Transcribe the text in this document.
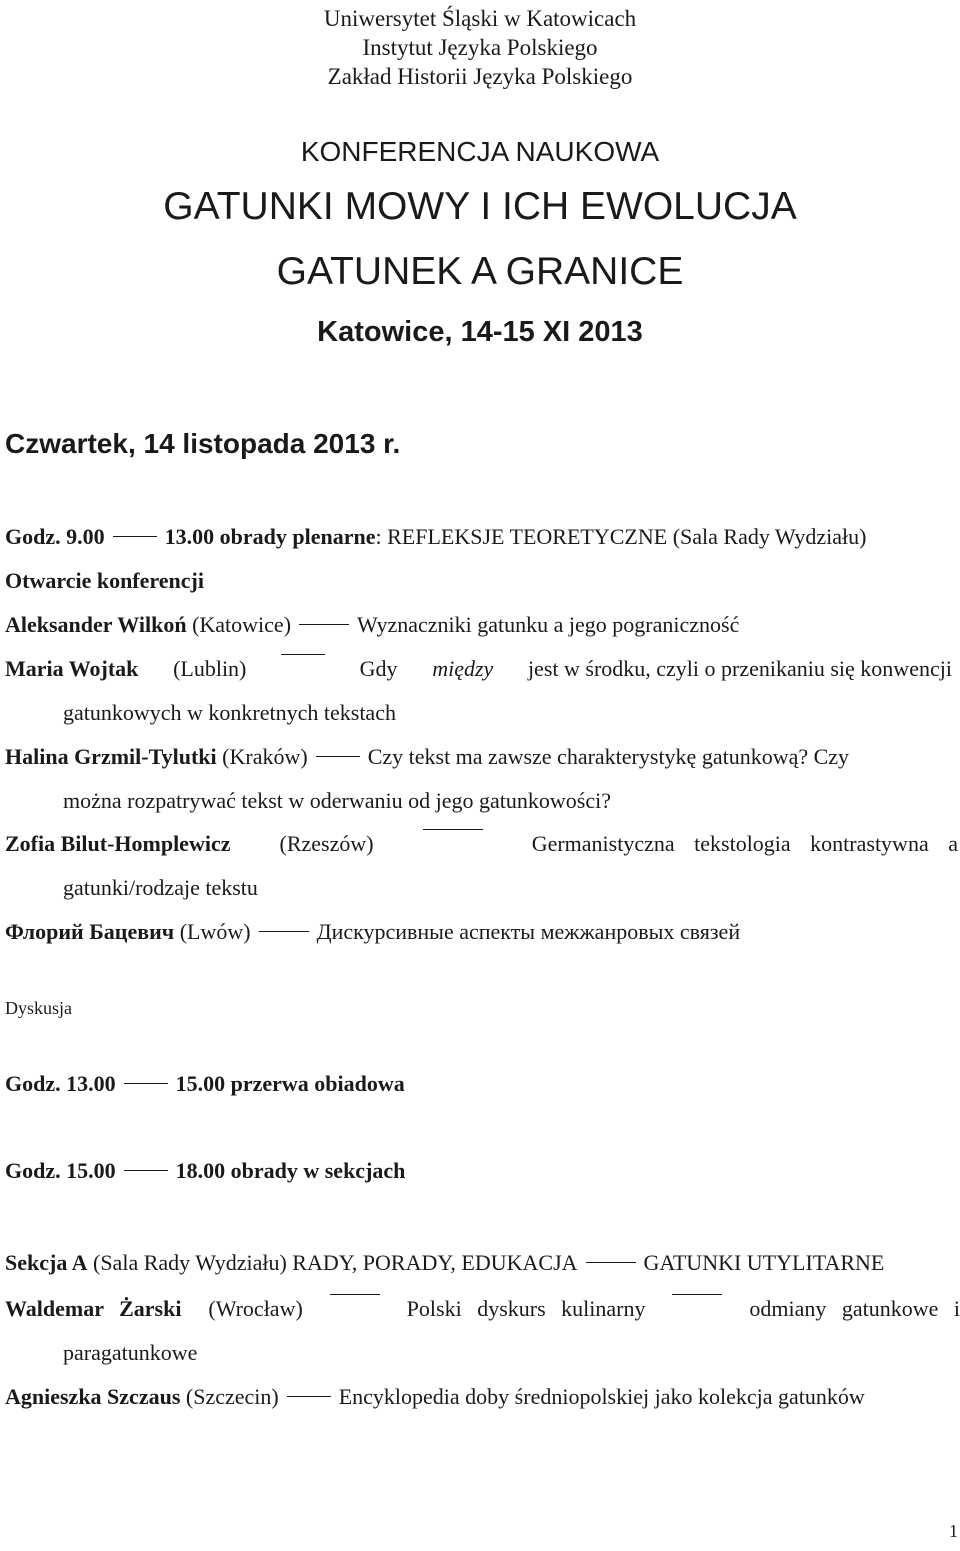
Uniwersytet Śląski w Katowicach
Instytut Języka Polskiego
Zakład Historii Języka Polskiego
KONFERENCJA NAUKOWA
GATUNKI MOWY I ICH EWOLUCJA
GATUNEK A GRANICE
Katowice, 14-15 XI 2013
Czwartek, 14 listopada 2013 r.
Godz. 9.00	13.00 obrady plenarne: REFLEKSJE TEORETYCZNE (Sala Rady Wydziału)
Otwarcie konferencji
Aleksander Wilkoń (Katowice)	Wyznaczniki gatunku a jego pograniczność
Maria Wojtak (Lublin)	Gdy między jest w środku, czyli o przenikaniu się konwencji
gatunkowych w konkretnych tekstach
Halina Grzmil-Tylutki (Kraków)	Czy tekst ma zawsze charakterystykę gatunkową? Czy
można rozpatrywać tekst w oderwaniu od jego gatunkowości?
Zofia Bilut-Homplewicz (Rzeszów)	Germanistyczna tekstologia kontrastywna a
gatunki/rodzaje tekstu
Флорий Бацевич (Lwów)	Дискурсивные аспекты межжанровых связей
Dyskusja
Godz. 13.00	15.00 przerwa obiadowa
Godz. 15.00	18.00 obrady w sekcjach
Sekcja A (Sala Rady Wydziału) RADY, PORADY, EDUKACJA	GATUNKI UTYLITARNE
Waldemar Żarski (Wrocław)	Polski dyskurs kulinarny	odmiany gatunkowe i
paragatunkowe
Agnieszka Szczaus (Szczecin)	Encyklopedia doby średniopolskiej jako kolekcja gatunków
1
